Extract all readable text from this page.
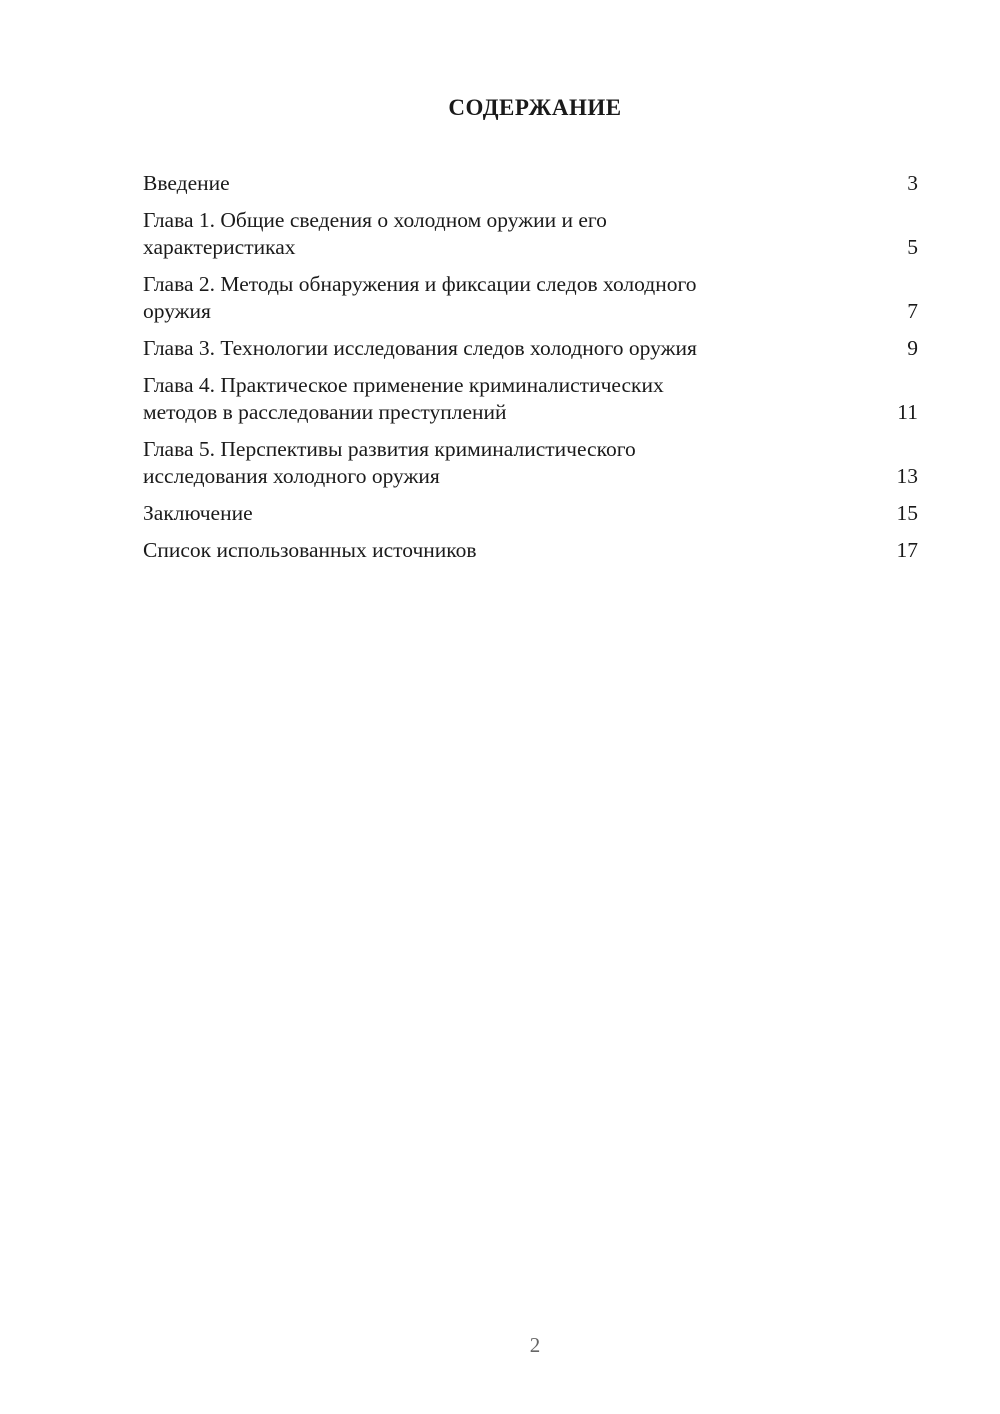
СОДЕРЖАНИЕ
Введение	3
Глава 1. Общие сведения о холодном оружии и его
характеристиках	5
Глава 2. Методы обнаружения и фиксации следов холодного
оружия	7
Глава 3. Технологии исследования следов холодного оружия	9
Глава 4. Практическое применение криминалистических
методов в расследовании преступлений	11
Глава 5. Перспективы развития криминалистического
исследования холодного оружия	13
Заключение	15
Список использованных источников	17
2
